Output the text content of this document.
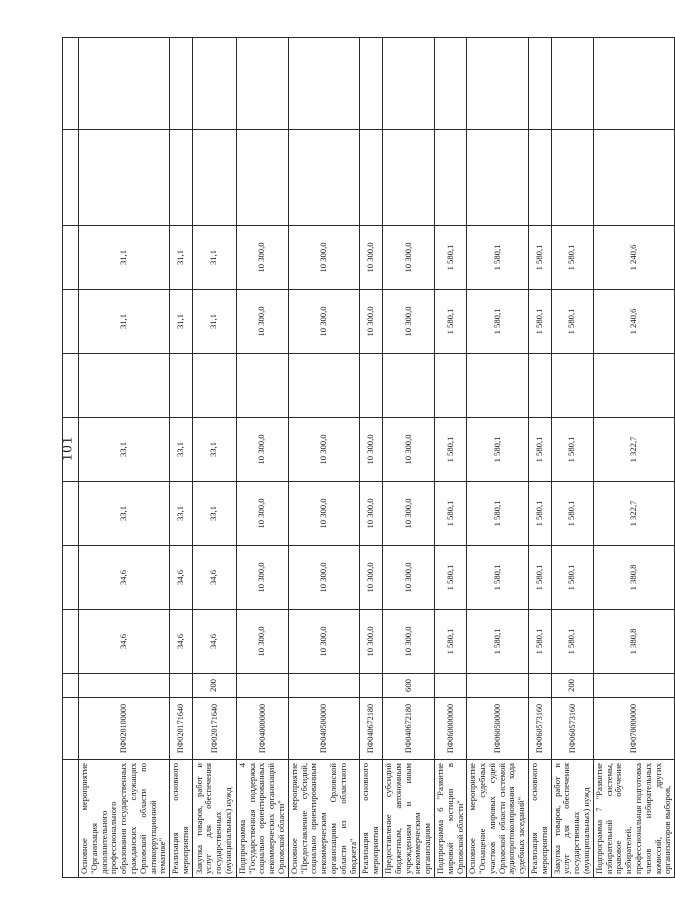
101

Основное мероприятие "Организация дополнительного профессионального образования государственных гражданских служащих Орловской области по антикоррупционной тематике"	ПФ020100000		34,6	34,6	33,1	33,1		31,1	31,1		
Реализация основного мероприятия	ПФ020171640		34,6	34,6	33,1	33,1		31,1	31,1		
Закупка товаров, работ и услуг для обеспечения государственных (муниципальных) нужд	ПФ020171640	200	34,6	34,6	33,1	33,1		31,1	31,1		
Подпрограмма 4 "Государственная поддержка социально ориентированных некоммерческих организаций Орловской области"	ПФ040000000		10 300,0	10 300,0	10 300,0	10 300,0		10 300,0	10 300,0		
Основное мероприятие "Предоставление субсидий, социально ориентированным некоммерческим организациям Орловской области из областного бюджета"	ПФ040500000		10 300,0	10 300,0	10 300,0	10 300,0		10 300,0	10 300,0		
Реализация основного мероприятия	ПФ040672180		10 300,0	10 300,0	10 300,0	10 300,0		10 300,0	10 300,0		
Предоставление субсидий бюджетным, автономным учреждениям и иным некоммерческим организациям	ПФ040672180	600	10 300,0	10 300,0	10 300,0	10 300,0		10 300,0	10 300,0		
Подпрограмма 6 "Развитие мировой юстиции в Орловской области"	ПФ060000000		1 580,1	1 580,1	1 580,1	1 580,1		1 580,1	1 580,1		
Основное мероприятие "Оснащение судебных участков мировых судей Орловской области системой аудиопротоколирования хода судебных заседаний"	ПФ060500000		1 580,1	1 580,1	1 580,1	1 580,1		1 580,1	1 580,1		
Реализация основного мероприятия	ПФ060573160		1 580,1	1 580,1	1 580,1	1 580,1		1 580,1	1 580,1		
Закупка товаров, работ и услуг для обеспечения государственных (муниципальных) нужд	ПФ060573160	200	1 580,1	1 580,1	1 580,1	1 580,1		1 580,1	1 580,1		
Подпрограмма 7 "Развитие избирательной системы, правовое обучение избирателей, профессиональная подготовка членов избирательных комиссий, других организаторов выборов,	ПФ070000000		1 380,8	1 380,8	1 322,7	1 322,7		1 240,6	1 240,6		
